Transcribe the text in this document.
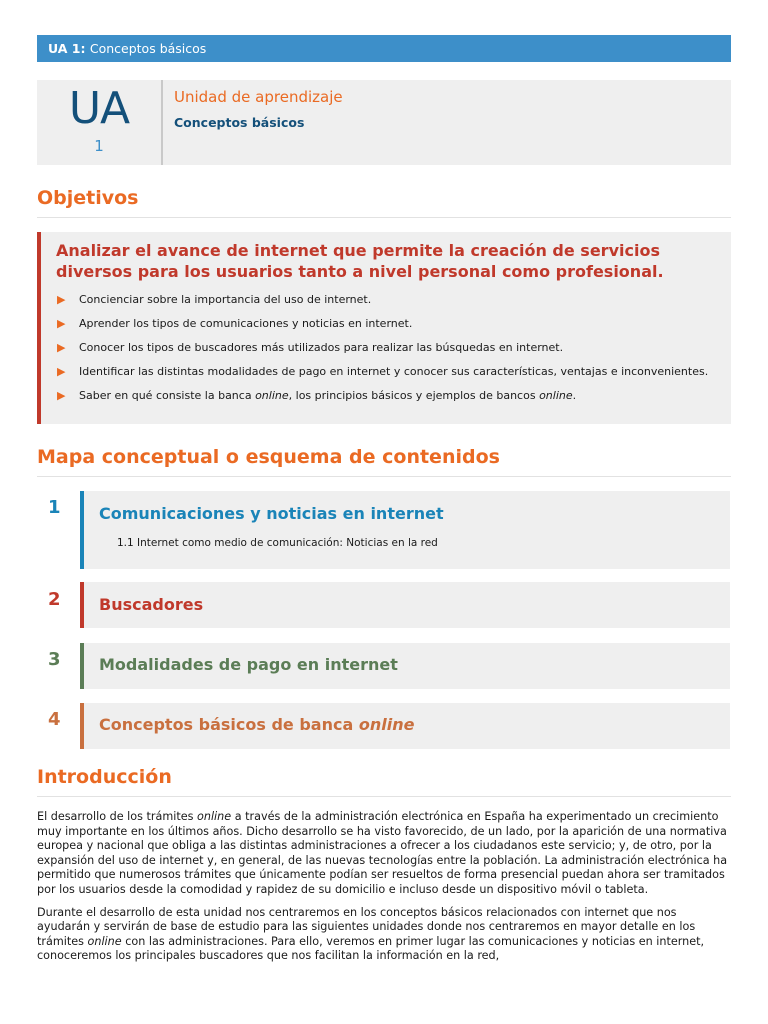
UA 1: Conceptos básicos
UA
1
Unidad de aprendizaje
Conceptos básicos
Objetivos
Analizar el avance de internet que permite la creación de servicios diversos para los usuarios tanto a nivel personal como profesional.
▶ Concienciar sobre la importancia del uso de internet.
▶ Aprender los tipos de comunicaciones y noticias en internet.
▶ Conocer los tipos de buscadores más utilizados para realizar las búsquedas en internet.
▶ Identificar las distintas modalidades de pago en internet y conocer sus características, ventajas e inconvenientes.
▶ Saber en qué consiste la banca online, los principios básicos y ejemplos de bancos online.
Mapa conceptual o esquema de contenidos
1	Comunicaciones y noticias en internet
1.1 Internet como medio de comunicación: Noticias en la red
2	Buscadores
3	Modalidades de pago en internet
4	Conceptos básicos de banca online
Introducción

El desarrollo de los trámites online a través de la administración electrónica en España ha experimentado un crecimiento muy importante en los últimos años. Dicho desarrollo se ha visto favorecido, de un lado, por la aparición de una normativa europea y nacional que obliga a las distintas administraciones a ofrecer a los ciudadanos este servicio; y, de otro, por la expansión del uso de internet y, en general, de las nuevas tecnologías entre la población. La administración electrónica ha permitido que numerosos trámites que únicamente podían ser resueltos de forma presencial puedan ahora ser tramitados por los usuarios desde la comodidad y rapidez de su domicilio e incluso desde un dispositivo móvil o tableta.

Durante el desarrollo de esta unidad nos centraremos en los conceptos básicos relacionados con internet que nos ayudarán y servirán de base de estudio para las siguientes unidades donde nos centraremos en mayor detalle en los trámites online con las administraciones. Para ello, veremos en primer lugar las comunicaciones y noticias en internet, conoceremos los principales buscadores que nos facilitan la información en la red,
